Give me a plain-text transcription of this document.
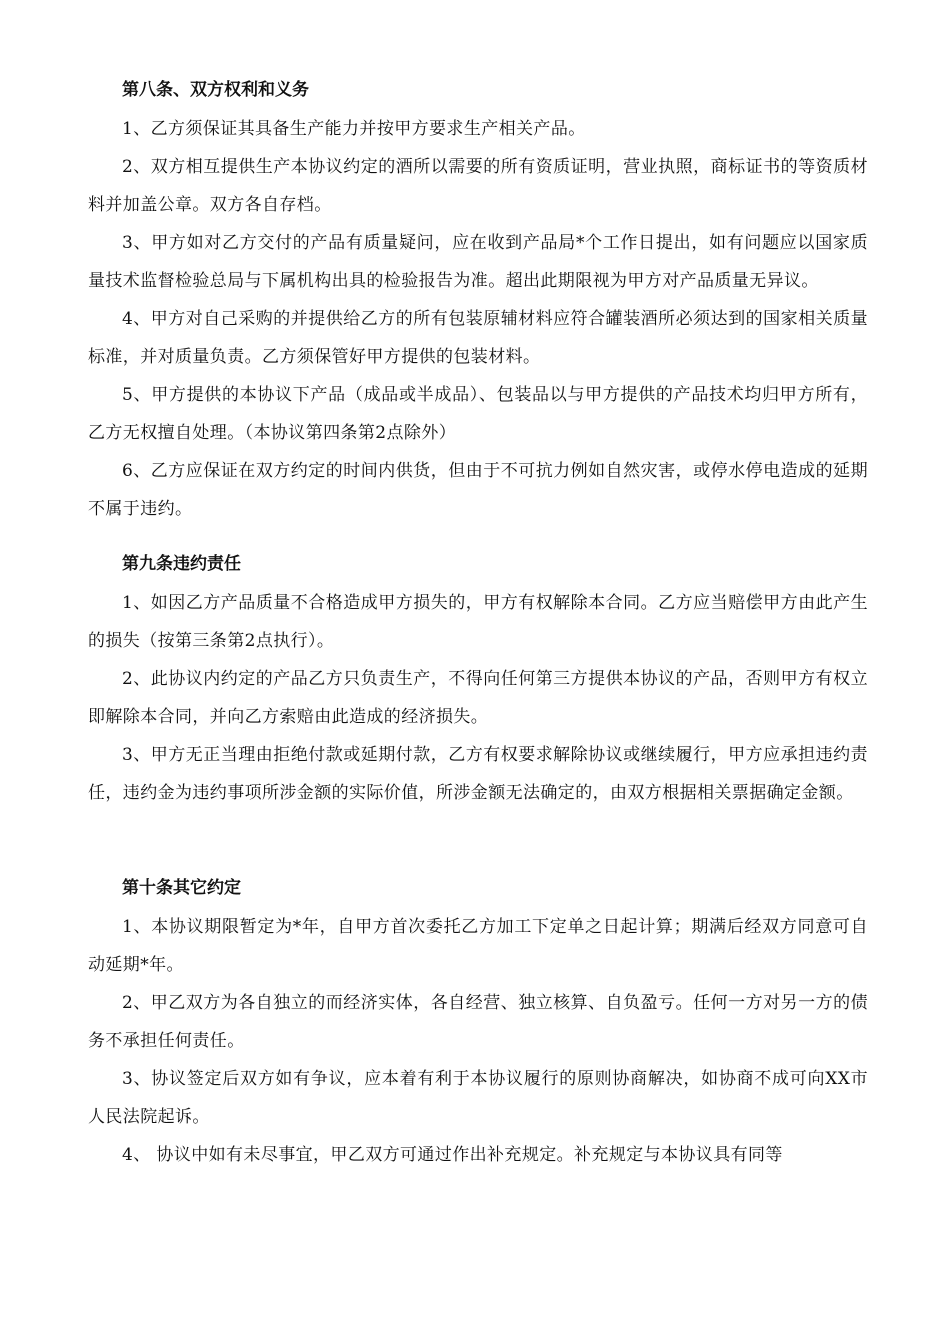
第八条、双方权利和义务

1、乙方须保证其具备生产能力并按甲方要求生产相关产品。

2、双方相互提供生产本协议约定的酒所以需要的所有资质证明，营业执照，商标证书的等资质材料并加盖公章。双方各自存档。

3、甲方如对乙方交付的产品有质量疑问，应在收到产品局*个工作日提出，如有问题应以国家质量技术监督检验总局与下属机构出具的检验报告为准。超出此期限视为甲方对产品质量无异议。

4、甲方对自己采购的并提供给乙方的所有包装原辅材料应符合罐装酒所必须达到的国家相关质量标准，并对质量负责。乙方须保管好甲方提供的包装材料。

5、甲方提供的本协议下产品（成品或半成品）、包装品以与甲方提供的产品技术均归甲方所有，乙方无权擅自处理。（本协议第四条第2点除外）

6、乙方应保证在双方约定的时间内供货，但由于不可抗力例如自然灾害，或停水停电造成的延期不属于违约。

第九条违约责任

1、如因乙方产品质量不合格造成甲方损失的，甲方有权解除本合同。乙方应当赔偿甲方由此产生的损失（按第三条第2点执行）。

2、此协议内约定的产品乙方只负责生产，不得向任何第三方提供本协议的产品，否则甲方有权立即解除本合同，并向乙方索赔由此造成的经济损失。

3、甲方无正当理由拒绝付款或延期付款，乙方有权要求解除协议或继续履行，甲方应承担违约责任，违约金为违约事项所涉金额的实际价值，所涉金额无法确定的，由双方根据相关票据确定金额。

第十条其它约定

1、本协议期限暂定为*年，自甲方首次委托乙方加工下定单之日起计算；期满后经双方同意可自动延期*年。

2、甲乙双方为各自独立的而经济实体，各自经营、独立核算、自负盈亏。任何一方对另一方的债务不承担任何责任。

3、协议签定后双方如有争议，应本着有利于本协议履行的原则协商解决，如协商不成可向XX市人民法院起诉。

4、 协议中如有未尽事宜，甲乙双方可通过作出补充规定。补充规定与本协议具有同等
